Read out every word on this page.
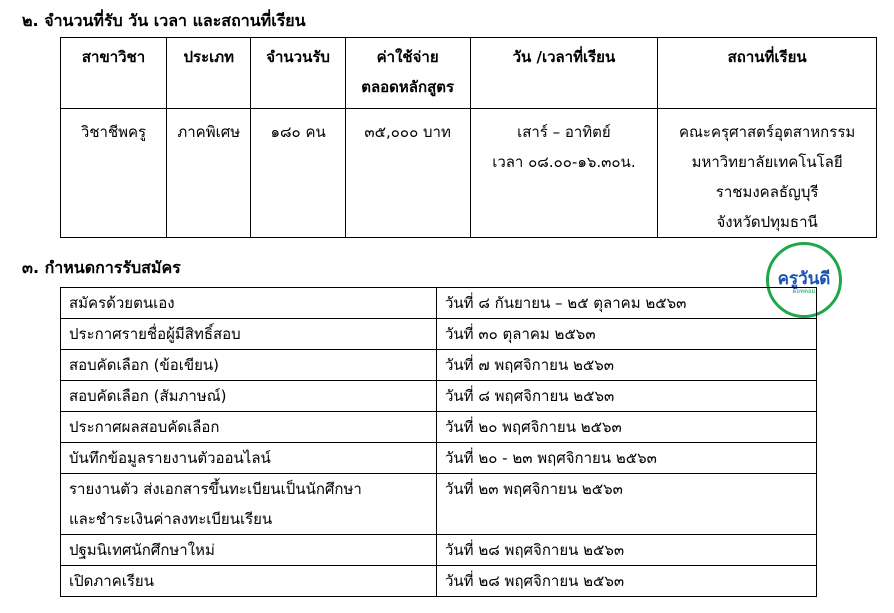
๒. จำนวนที่รับ วัน เวลา และสถานที่เรียน
สาขาวิชา	ประเภท	จำนวนรับ	ค่าใช้จ่าย
ตลอดหลักสูตร	วัน /เวลาที่เรียน	สถานที่เรียน
วิชาชีพครู	ภาคพิเศษ	๑๘๐ คน	๓๕,๐๐๐ บาท	เสาร์ – อาทิตย์
เวลา ๐๘.๐๐-๑๖.๓๐น.	คณะครุศาสตร์อุตสาหกรรม
มหาวิทยาลัยเทคโนโลยี
ราชมงคลธัญบุรี
จังหวัดปทุมธานี
๓. กำหนดการรับสมัคร
ครูวันดี
ดอทคอม
สมัครด้วยตนเอง	วันที่ ๘ กันยายน – ๒๕ ตุลาคม ๒๕๖๓
ประกาศรายชื่อผู้มีสิทธิ์สอบ	วันที่ ๓๐ ตุลาคม ๒๕๖๓
สอบคัดเลือก (ข้อเขียน)	วันที่ ๗ พฤศจิกายน ๒๕๖๓
สอบคัดเลือก (สัมภาษณ์)	วันที่ ๘ พฤศจิกายน ๒๕๖๓
ประกาศผลสอบคัดเลือก	วันที่ ๒๐ พฤศจิกายน ๒๕๖๓
บันทึกข้อมูลรายงานตัวออนไลน์	วันที่ ๒๐ - ๒๓ พฤศจิกายน ๒๕๖๓

รายงานตัว ส่งเอกสารขึ้นทะเบียนเป็นนักศึกษา
และชำระเงินค่าลงทะเบียนเรียน	วันที่ ๒๓ พฤศจิกายน ๒๕๖๓
ปฐมนิเทศนักศึกษาใหม่	วันที่ ๒๘ พฤศจิกายน ๒๕๖๓
เปิดภาคเรียน	วันที่ ๒๘ พฤศจิกายน ๒๕๖๓
